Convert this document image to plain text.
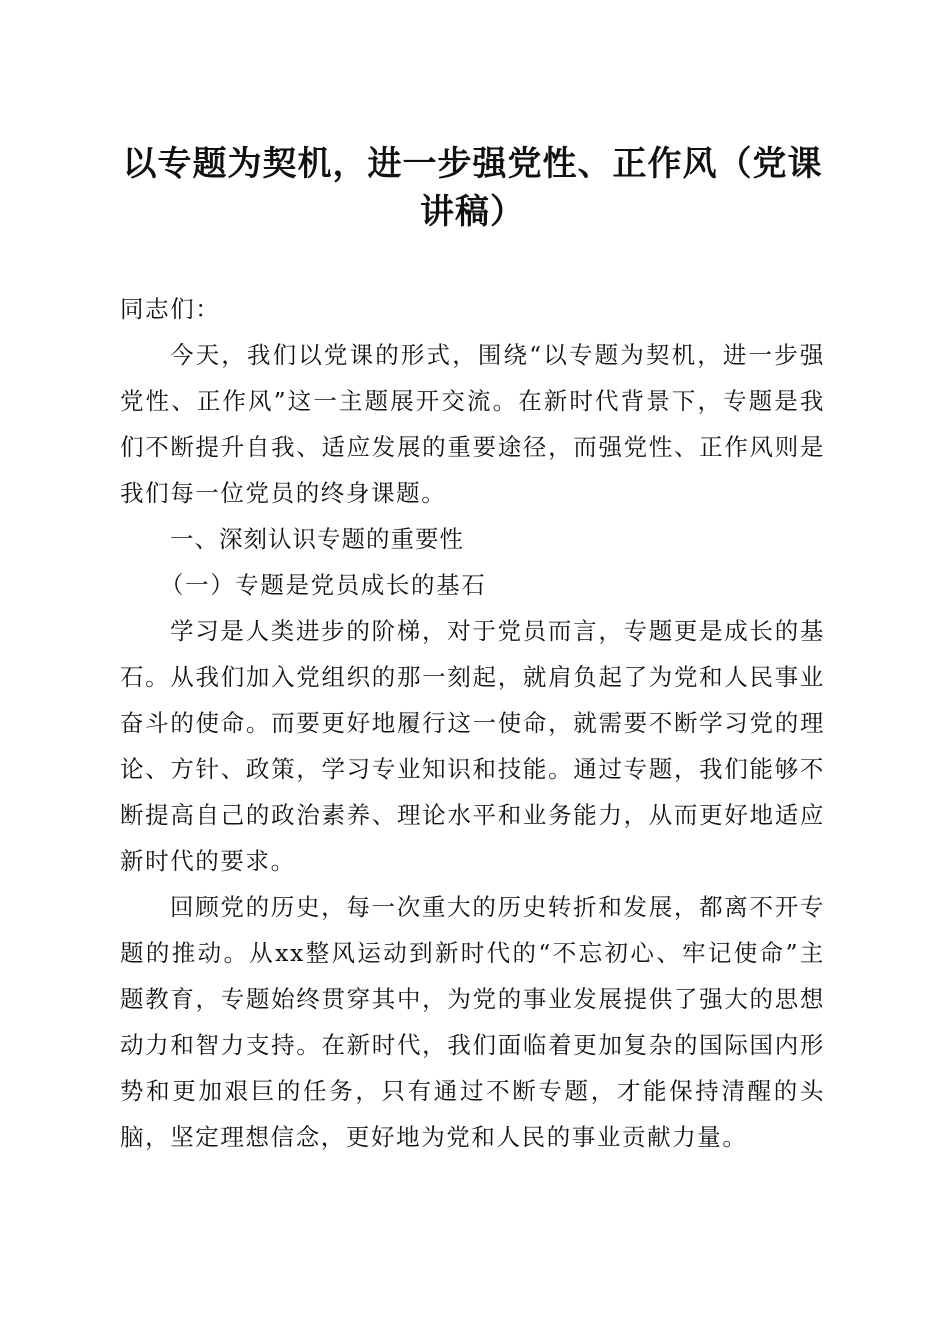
以专题为契机，进一步强党性、正作风（党课讲稿）
同志们：

今天，我们以党课的形式，围绕“以专题为契机，进一步强党性、正作风”这一主题展开交流。在新时代背景下，专题是我们不断提升自我、适应发展的重要途径，而强党性、正作风则是我们每一位党员的终身课题。

一、深刻认识专题的重要性

（一）专题是党员成长的基石

学习是人类进步的阶梯，对于党员而言，专题更是成长的基石。从我们加入党组织的那一刻起，就肩负起了为党和人民事业奋斗的使命。而要更好地履行这一使命，就需要不断学习党的理论、方针、政策，学习专业知识和技能。通过专题，我们能够不断提高自己的政治素养、理论水平和业务能力，从而更好地适应新时代的要求。

回顾党的历史，每一次重大的历史转折和发展，都离不开专题的推动。从xx整风运动到新时代的“不忘初心、牢记使命”主题教育，专题始终贯穿其中，为党的事业发展提供了强大的思想动力和智力支持。在新时代，我们面临着更加复杂的国际国内形势和更加艰巨的任务，只有通过不断专题，才能保持清醒的头脑，坚定理想信念，更好地为党和人民的事业贡献力量。
